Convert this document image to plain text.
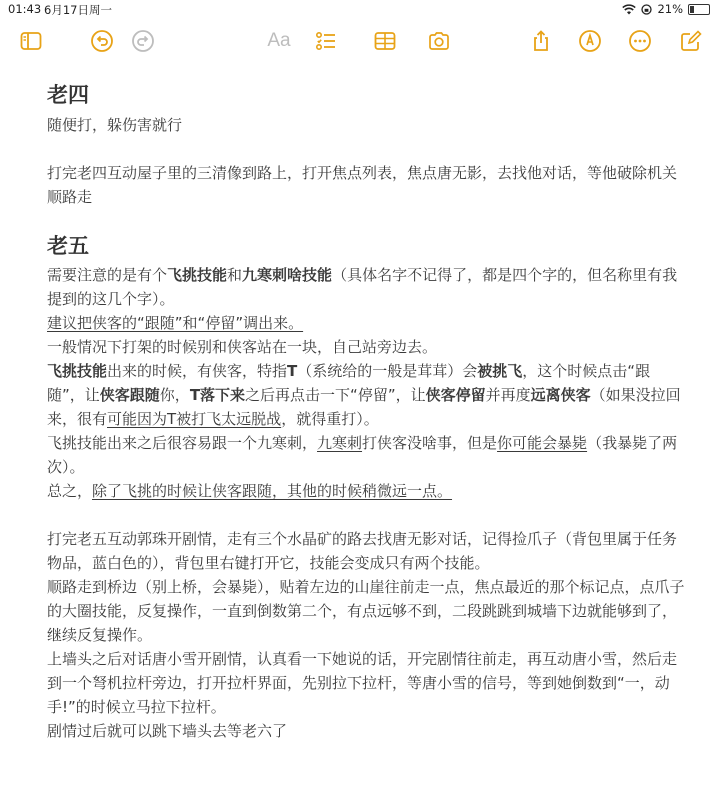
01:43 6月17日周一	21%
Aa

老四

随便打，躲伤害就行

打完老四互动屋子里的三清像到路上，打开焦点列表，焦点唐无影，去找他对话，等他破除机关顺路走

老五

需要注意的是有个飞挑技能和九寒刺啥技能（具体名字不记得了，都是四个字的，但名称里有我提到的这几个字）。

建议把侠客的“跟随”和“停留”调出来。

一般情况下打架的时候别和侠客站在一块，自己站旁边去。

飞挑技能出来的时候，有侠客，特指T（系统给的一般是茸茸）会被挑飞，这个时候点击“跟随”，让侠客跟随你，T落下来之后再点击一下“停留”，让侠客停留并再度远离侠客（如果没拉回来，很有可能因为T被打飞太远脱战，就得重打）。

飞挑技能出来之后很容易跟一个九寒刺，九寒刺打侠客没啥事，但是你可能会暴毙（我暴毙了两次）。

总之，除了飞挑的时候让侠客跟随，其他的时候稍微远一点。

打完老五互动郭珠开剧情，走有三个水晶矿的路去找唐无影对话，记得捡爪子（背包里属于任务物品，蓝白色的），背包里右键打开它，技能会变成只有两个技能。

顺路走到桥边（别上桥，会暴毙），贴着左边的山崖往前走一点，焦点最近的那个标记点，点爪子的大圈技能，反复操作，一直到倒数第二个，有点远够不到，二段跳跳到城墙下边就能够到了，继续反复操作。

上墙头之后对话唐小雪开剧情，认真看一下她说的话，开完剧情往前走，再互动唐小雪，然后走到一个弩机拉杆旁边，打开拉杆界面，先别拉下拉杆，等唐小雪的信号，等到她倒数到“一，动手!”的时候立马拉下拉杆。

剧情过后就可以跳下墙头去等老六了
